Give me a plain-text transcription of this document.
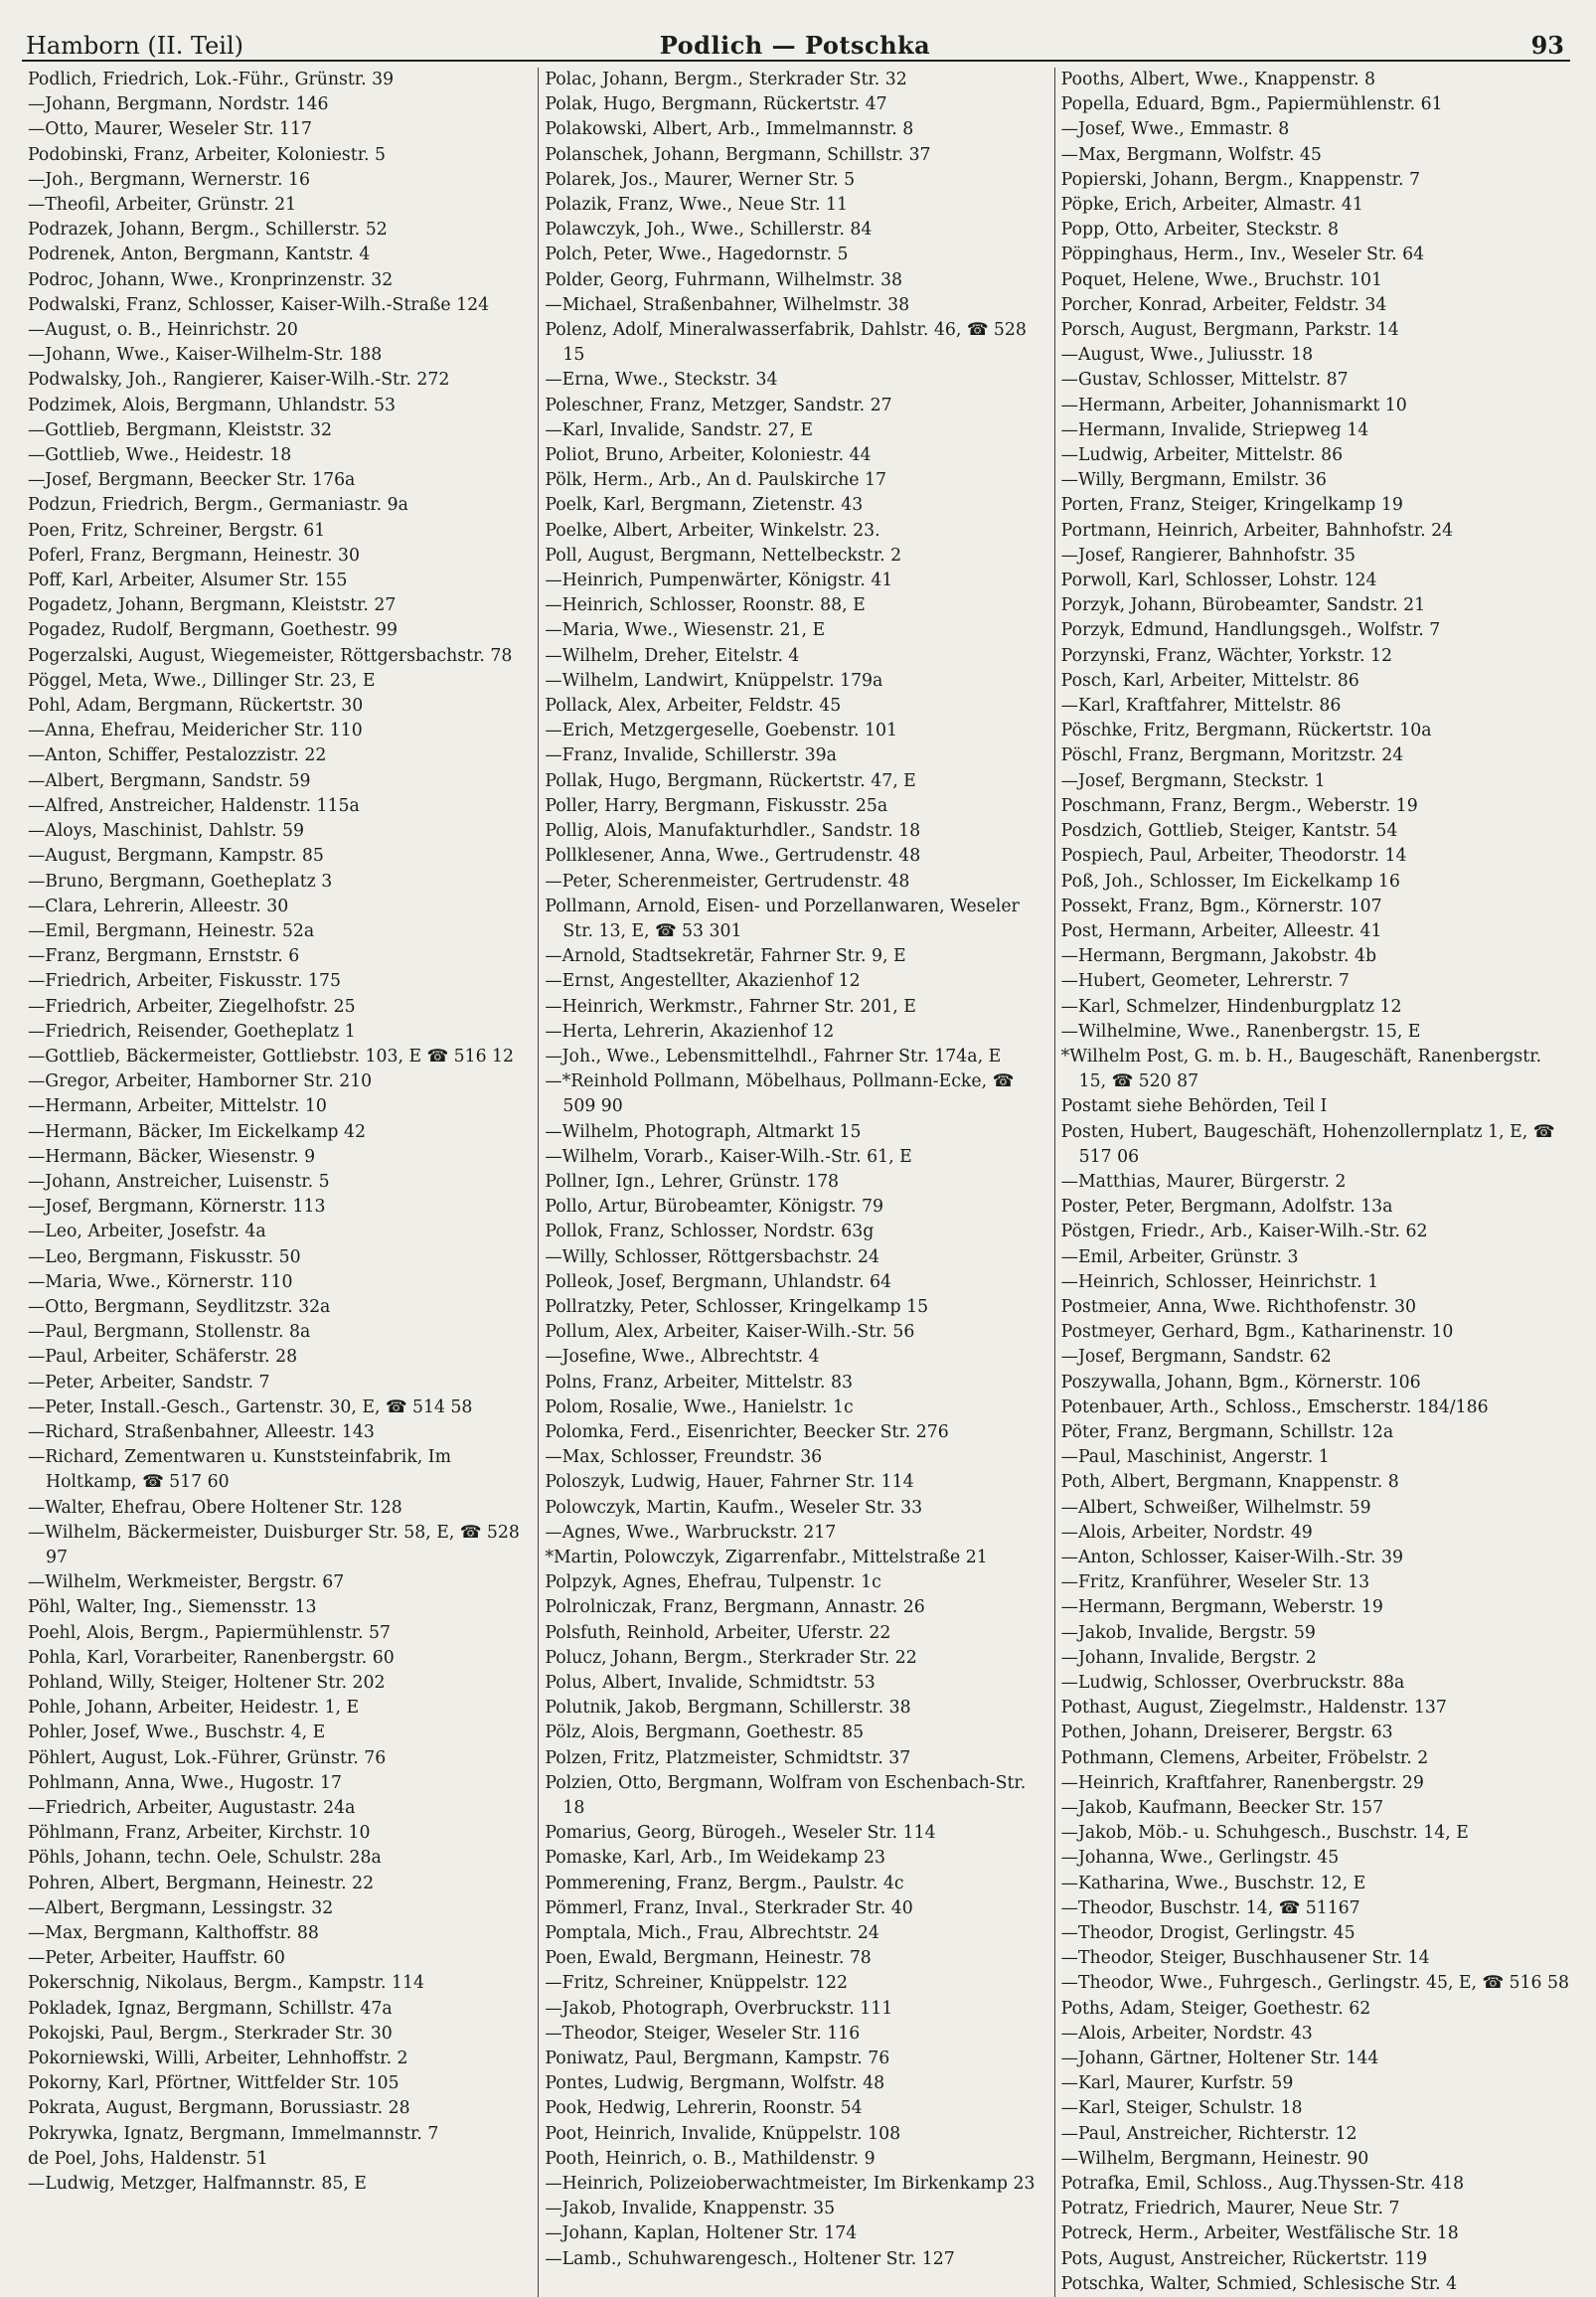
Hamborn (II. Teil)	Podlich — Potschka	93

Podlich, Friedrich, Lok.-Führ., Grünstr. 39

—Johann, Bergmann, Nordstr. 146

—Otto, Maurer, Weseler Str. 117

Podobinski, Franz, Arbeiter, Koloniestr. 5

—Joh., Bergmann, Wernerstr. 16

—Theofil, Arbeiter, Grünstr. 21

Podrazek, Johann, Bergm., Schillerstr. 52

Podrenek, Anton, Bergmann, Kantstr. 4

Podroc, Johann, Wwe., Kronprinzenstr. 32

Podwalski, Franz, Schlosser, Kaiser-Wilh.-Straße 124

—August, o. B., Heinrichstr. 20

—Johann, Wwe., Kaiser-Wilhelm-Str. 188

Podwalsky, Joh., Rangierer, Kaiser-Wilh.-Str. 272

Podzimek, Alois, Bergmann, Uhlandstr. 53

—Gottlieb, Bergmann, Kleiststr. 32

—Gottlieb, Wwe., Heidestr. 18

—Josef, Bergmann, Beecker Str. 176a

Podzun, Friedrich, Bergm., Germaniastr. 9a

Poen, Fritz, Schreiner, Bergstr. 61

Poferl, Franz, Bergmann, Heinestr. 30

Poff, Karl, Arbeiter, Alsumer Str. 155

Pogadetz, Johann, Bergmann, Kleiststr. 27

Pogadez, Rudolf, Bergmann, Goethestr. 99

Pogerzalski, August, Wiegemeister, Röttgersbachstr. 78

Pöggel, Meta, Wwe., Dillinger Str. 23, E

Pohl, Adam, Bergmann, Rückertstr. 30

—Anna, Ehefrau, Meidericher Str. 110

—Anton, Schiffer, Pestalozzistr. 22

—Albert, Bergmann, Sandstr. 59

—Alfred, Anstreicher, Haldenstr. 115a

—Aloys, Maschinist, Dahlstr. 59

—August, Bergmann, Kampstr. 85

—Bruno, Bergmann, Goetheplatz 3

—Clara, Lehrerin, Alleestr. 30

—Emil, Bergmann, Heinestr. 52a

—Franz, Bergmann, Ernststr. 6

—Friedrich, Arbeiter, Fiskusstr. 175

—Friedrich, Arbeiter, Ziegelhofstr. 25

—Friedrich, Reisender, Goetheplatz 1

—Gottlieb, Bäckermeister, Gottliebstr. 103, E ☎ 516 12

—Gregor, Arbeiter, Hamborner Str. 210

—Hermann, Arbeiter, Mittelstr. 10

—Hermann, Bäcker, Im Eickelkamp 42

—Hermann, Bäcker, Wiesenstr. 9

—Johann, Anstreicher, Luisenstr. 5

—Josef, Bergmann, Körnerstr. 113

—Leo, Arbeiter, Josefstr. 4a

—Leo, Bergmann, Fiskusstr. 50

—Maria, Wwe., Körnerstr. 110

—Otto, Bergmann, Seydlitzstr. 32a

—Paul, Bergmann, Stollenstr. 8a

—Paul, Arbeiter, Schäferstr. 28

—Peter, Arbeiter, Sandstr. 7

—Peter, Install.-Gesch., Gartenstr. 30, E, ☎ 514 58

—Richard, Straßenbahner, Alleestr. 143

—Richard, Zementwaren u. Kunststeinfabrik, Im Holtkamp, ☎ 517 60

—Walter, Ehefrau, Obere Holtener Str. 128

—Wilhelm, Bäckermeister, Duisburger Str. 58, E, ☎ 528 97

—Wilhelm, Werkmeister, Bergstr. 67

Pöhl, Walter, Ing., Siemensstr. 13

Poehl, Alois, Bergm., Papiermühlenstr. 57

Pohla, Karl, Vorarbeiter, Ranenbergstr. 60

Pohland, Willy, Steiger, Holtener Str. 202

Pohle, Johann, Arbeiter, Heidestr. 1, E

Pohler, Josef, Wwe., Buschstr. 4, E

Pöhlert, August, Lok.-Führer, Grünstr. 76

Pohlmann, Anna, Wwe., Hugostr. 17

—Friedrich, Arbeiter, Augustastr. 24a

Pöhlmann, Franz, Arbeiter, Kirchstr. 10

Pöhls, Johann, techn. Oele, Schulstr. 28a

Pohren, Albert, Bergmann, Heinestr. 22

—Albert, Bergmann, Lessingstr. 32

—Max, Bergmann, Kalthoffstr. 88

—Peter, Arbeiter, Hauffstr. 60

Pokerschnig, Nikolaus, Bergm., Kampstr. 114

Pokladek, Ignaz, Bergmann, Schillstr. 47a

Pokojski, Paul, Bergm., Sterkrader Str. 30

Pokorniewski, Willi, Arbeiter, Lehnhoffstr. 2

Pokorny, Karl, Pförtner, Wittfelder Str. 105

Pokrata, August, Bergmann, Borussiastr. 28

Pokrywka, Ignatz, Bergmann, Immelmannstr. 7

de Poel, Johs, Haldenstr. 51

—Ludwig, Metzger, Halfmannstr. 85, E

Polac, Johann, Bergm., Sterkrader Str. 32

Polak, Hugo, Bergmann, Rückertstr. 47

Polakowski, Albert, Arb., Immelmannstr. 8

Polanschek, Johann, Bergmann, Schillstr. 37

Polarek, Jos., Maurer, Werner Str. 5

Polazik, Franz, Wwe., Neue Str. 11

Polawczyk, Joh., Wwe., Schillerstr. 84

Polch, Peter, Wwe., Hagedornstr. 5

Polder, Georg, Fuhrmann, Wilhelmstr. 38

—Michael, Straßenbahner, Wilhelmstr. 38

Polenz, Adolf, Mineralwasserfabrik, Dahlstr. 46, ☎ 528 15

—Erna, Wwe., Steckstr. 34

Poleschner, Franz, Metzger, Sandstr. 27

—Karl, Invalide, Sandstr. 27, E

Poliot, Bruno, Arbeiter, Koloniestr. 44

Pölk, Herm., Arb., An d. Paulskirche 17

Poelk, Karl, Bergmann, Zietenstr. 43

Poelke, Albert, Arbeiter, Winkelstr. 23.

Poll, August, Bergmann, Nettelbeckstr. 2

—Heinrich, Pumpenwärter, Königstr. 41

—Heinrich, Schlosser, Roonstr. 88, E

—Maria, Wwe., Wiesenstr. 21, E

—Wilhelm, Dreher, Eitelstr. 4

—Wilhelm, Landwirt, Knüppelstr. 179a

Pollack, Alex, Arbeiter, Feldstr. 45

—Erich, Metzgergeselle, Goebenstr. 101

—Franz, Invalide, Schillerstr. 39a

Pollak, Hugo, Bergmann, Rückertstr. 47, E

Poller, Harry, Bergmann, Fiskusstr. 25a

Pollig, Alois, Manufakturhdler., Sandstr. 18

Pollklesener, Anna, Wwe., Gertrudenstr. 48

—Peter, Scherenmeister, Gertrudenstr. 48

Pollmann, Arnold, Eisen- und Porzellanwaren, Weseler Str. 13, E, ☎ 53 301

—Arnold, Stadtsekretär, Fahrner Str. 9, E

—Ernst, Angestellter, Akazienhof 12

—Heinrich, Werkmstr., Fahrner Str. 201, E

—Herta, Lehrerin, Akazienhof 12

—Joh., Wwe., Lebensmittelhdl., Fahrner Str. 174a, E

—*Reinhold Pollmann, Möbelhaus, Pollmann-Ecke, ☎ 509 90

—Wilhelm, Photograph, Altmarkt 15

—Wilhelm, Vorarb., Kaiser-Wilh.-Str. 61, E

Pollner, Ign., Lehrer, Grünstr. 178

Pollo, Artur, Bürobeamter, Königstr. 79

Pollok, Franz, Schlosser, Nordstr. 63g

—Willy, Schlosser, Röttgersbachstr. 24

Polleok, Josef, Bergmann, Uhlandstr. 64

Pollratzky, Peter, Schlosser, Kringelkamp 15

Pollum, Alex, Arbeiter, Kaiser-Wilh.-Str. 56

—Josefine, Wwe., Albrechtstr. 4

Polns, Franz, Arbeiter, Mittelstr. 83

Polom, Rosalie, Wwe., Hanielstr. 1c

Polomka, Ferd., Eisenrichter, Beecker Str. 276

—Max, Schlosser, Freundstr. 36

Poloszyk, Ludwig, Hauer, Fahrner Str. 114

Polowczyk, Martin, Kaufm., Weseler Str. 33

—Agnes, Wwe., Warbruckstr. 217

*Martin, Polowczyk, Zigarrenfabr., Mittelstraße 21

Polpzyk, Agnes, Ehefrau, Tulpenstr. 1c

Polrolniczak, Franz, Bergmann, Annastr. 26

Polsfuth, Reinhold, Arbeiter, Uferstr. 22

Polucz, Johann, Bergm., Sterkrader Str. 22

Polus, Albert, Invalide, Schmidtstr. 53

Polutnik, Jakob, Bergmann, Schillerstr. 38

Pölz, Alois, Bergmann, Goethestr. 85

Polzen, Fritz, Platzmeister, Schmidtstr. 37

Polzien, Otto, Bergmann, Wolfram von Eschenbach-Str. 18

Pomarius, Georg, Bürogeh., Weseler Str. 114

Pomaske, Karl, Arb., Im Weidekamp 23

Pommerening, Franz, Bergm., Paulstr. 4c

Pömmerl, Franz, Inval., Sterkrader Str. 40

Pomptala, Mich., Frau, Albrechtstr. 24

Poen, Ewald, Bergmann, Heinestr. 78

—Fritz, Schreiner, Knüppelstr. 122

—Jakob, Photograph, Overbruckstr. 111

—Theodor, Steiger, Weseler Str. 116

Poniwatz, Paul, Bergmann, Kampstr. 76

Pontes, Ludwig, Bergmann, Wolfstr. 48

Pook, Hedwig, Lehrerin, Roonstr. 54

Poot, Heinrich, Invalide, Knüppelstr. 108

Pooth, Heinrich, o. B., Mathildenstr. 9

—Heinrich, Polizeioberwachtmeister, Im Birkenkamp 23

—Jakob, Invalide, Knappenstr. 35

—Johann, Kaplan, Holtener Str. 174

—Lamb., Schuhwarengesch., Holtener Str. 127

Pooths, Albert, Wwe., Knappenstr. 8

Popella, Eduard, Bgm., Papiermühlenstr. 61

—Josef, Wwe., Emmastr. 8

—Max, Bergmann, Wolfstr. 45

Popierski, Johann, Bergm., Knappenstr. 7

Pöpke, Erich, Arbeiter, Almastr. 41

Popp, Otto, Arbeiter, Steckstr. 8

Pöppinghaus, Herm., Inv., Weseler Str. 64

Poquet, Helene, Wwe., Bruchstr. 101

Porcher, Konrad, Arbeiter, Feldstr. 34

Porsch, August, Bergmann, Parkstr. 14

—August, Wwe., Juliusstr. 18

—Gustav, Schlosser, Mittelstr. 87

—Hermann, Arbeiter, Johannismarkt 10

—Hermann, Invalide, Striepweg 14

—Ludwig, Arbeiter, Mittelstr. 86

—Willy, Bergmann, Emilstr. 36

Porten, Franz, Steiger, Kringelkamp 19

Portmann, Heinrich, Arbeiter, Bahnhofstr. 24

—Josef, Rangierer, Bahnhofstr. 35

Porwoll, Karl, Schlosser, Lohstr. 124

Porzyk, Johann, Bürobeamter, Sandstr. 21

Porzyk, Edmund, Handlungsgeh., Wolfstr. 7

Porzynski, Franz, Wächter, Yorkstr. 12

Posch, Karl, Arbeiter, Mittelstr. 86

—Karl, Kraftfahrer, Mittelstr. 86

Pöschke, Fritz, Bergmann, Rückertstr. 10a

Pöschl, Franz, Bergmann, Moritzstr. 24

—Josef, Bergmann, Steckstr. 1

Poschmann, Franz, Bergm., Weberstr. 19

Posdzich, Gottlieb, Steiger, Kantstr. 54

Pospiech, Paul, Arbeiter, Theodorstr. 14

Poß, Joh., Schlosser, Im Eickelkamp 16

Possekt, Franz, Bgm., Körnerstr. 107

Post, Hermann, Arbeiter, Alleestr. 41

—Hermann, Bergmann, Jakobstr. 4b

—Hubert, Geometer, Lehrerstr. 7

—Karl, Schmelzer, Hindenburgplatz 12

—Wilhelmine, Wwe., Ranenbergstr. 15, E

*Wilhelm Post, G. m. b. H., Baugeschäft, Ranenbergstr. 15, ☎ 520 87

Postamt siehe Behörden, Teil I

Posten, Hubert, Baugeschäft, Hohenzollernplatz 1, E, ☎ 517 06

—Matthias, Maurer, Bürgerstr. 2

Poster, Peter, Bergmann, Adolfstr. 13a

Pöstgen, Friedr., Arb., Kaiser-Wilh.-Str. 62

—Emil, Arbeiter, Grünstr. 3

—Heinrich, Schlosser, Heinrichstr. 1

Postmeier, Anna, Wwe. Richthofenstr. 30

Postmeyer, Gerhard, Bgm., Katharinenstr. 10

—Josef, Bergmann, Sandstr. 62

Poszywalla, Johann, Bgm., Körnerstr. 106

Potenbauer, Arth., Schloss., Emscherstr. 184/186

Pöter, Franz, Bergmann, Schillstr. 12a

—Paul, Maschinist, Angerstr. 1

Poth, Albert, Bergmann, Knappenstr. 8

—Albert, Schweißer, Wilhelmstr. 59

—Alois, Arbeiter, Nordstr. 49

—Anton, Schlosser, Kaiser-Wilh.-Str. 39

—Fritz, Kranführer, Weseler Str. 13

—Hermann, Bergmann, Weberstr. 19

—Jakob, Invalide, Bergstr. 59

—Johann, Invalide, Bergstr. 2

—Ludwig, Schlosser, Overbruckstr. 88a

Pothast, August, Ziegelmstr., Haldenstr. 137

Pothen, Johann, Dreiserer, Bergstr. 63

Pothmann, Clemens, Arbeiter, Fröbelstr. 2

—Heinrich, Kraftfahrer, Ranenbergstr. 29

—Jakob, Kaufmann, Beecker Str. 157

—Jakob, Möb.- u. Schuhgesch., Buschstr. 14, E

—Johanna, Wwe., Gerlingstr. 45

—Katharina, Wwe., Buschstr. 12, E

—Theodor, Buschstr. 14, ☎ 51167

—Theodor, Drogist, Gerlingstr. 45

—Theodor, Steiger, Buschhausener Str. 14

—Theodor, Wwe., Fuhrgesch., Gerlingstr. 45, E, ☎ 516 58

Poths, Adam, Steiger, Goethestr. 62

—Alois, Arbeiter, Nordstr. 43

—Johann, Gärtner, Holtener Str. 144

—Karl, Maurer, Kurfstr. 59

—Karl, Steiger, Schulstr. 18

—Paul, Anstreicher, Richterstr. 12

—Wilhelm, Bergmann, Heinestr. 90

Potrafka, Emil, Schloss., Aug.Thyssen-Str. 418

Potratz, Friedrich, Maurer, Neue Str. 7

Potreck, Herm., Arbeiter, Westfälische Str. 18

Pots, August, Anstreicher, Rückertstr. 119

Potschka, Walter, Schmied, Schlesische Str. 4
